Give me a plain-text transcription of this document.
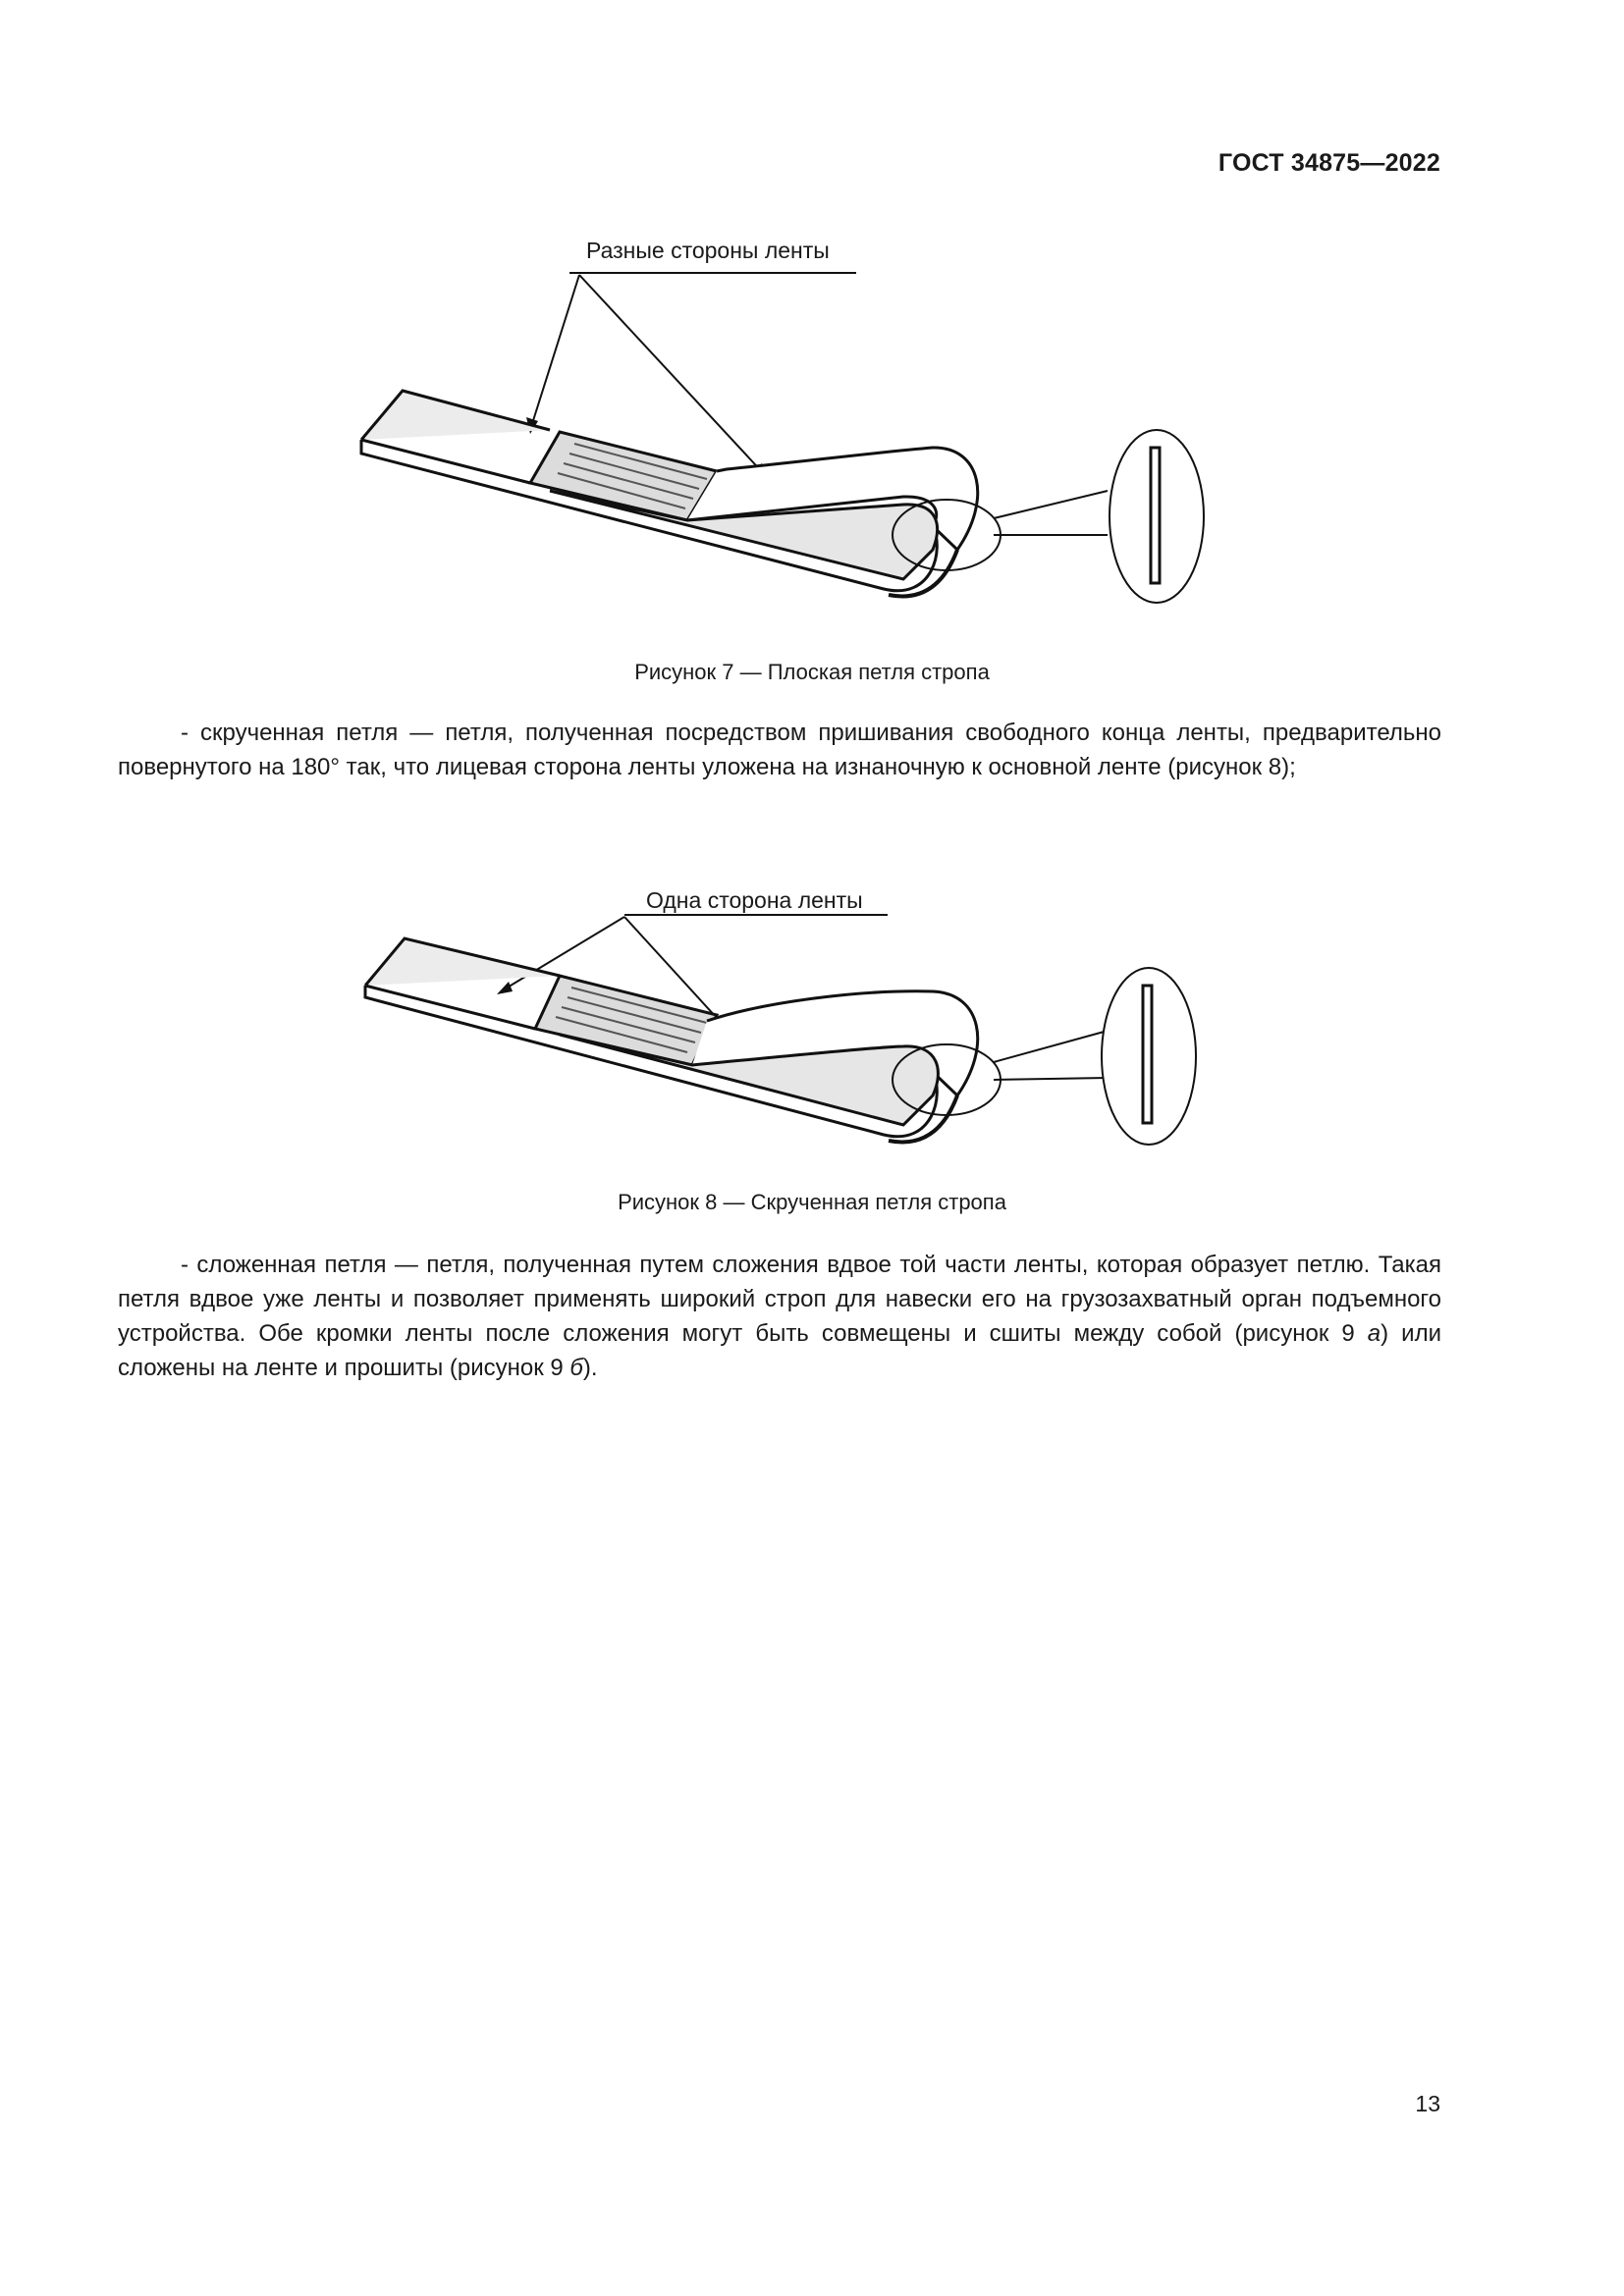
ГОСТ 34875—2022
Разные стороны ленты
Рисунок 7 — Плоская петля стропа

- скрученная петля — петля, полученная посредством пришивания свободного конца ленты, предварительно повернутого на 180° так, что лицевая сторона ленты уложена на изнаночную к основной ленте (рисунок 8);

Одна сторона ленты
Рисунок 8 — Скрученная петля стропа

- сложенная петля — петля, полученная путем сложения вдвое той части ленты, которая образует петлю. Такая петля вдвое уже ленты и позволяет применять широкий строп для навески его на грузозахватный орган подъемного устройства. Обе кромки ленты после сложения могут быть совмещены и сшиты между собой (рисунок 9 а) или сложены на ленте и прошиты (рисунок 9 б).

13
